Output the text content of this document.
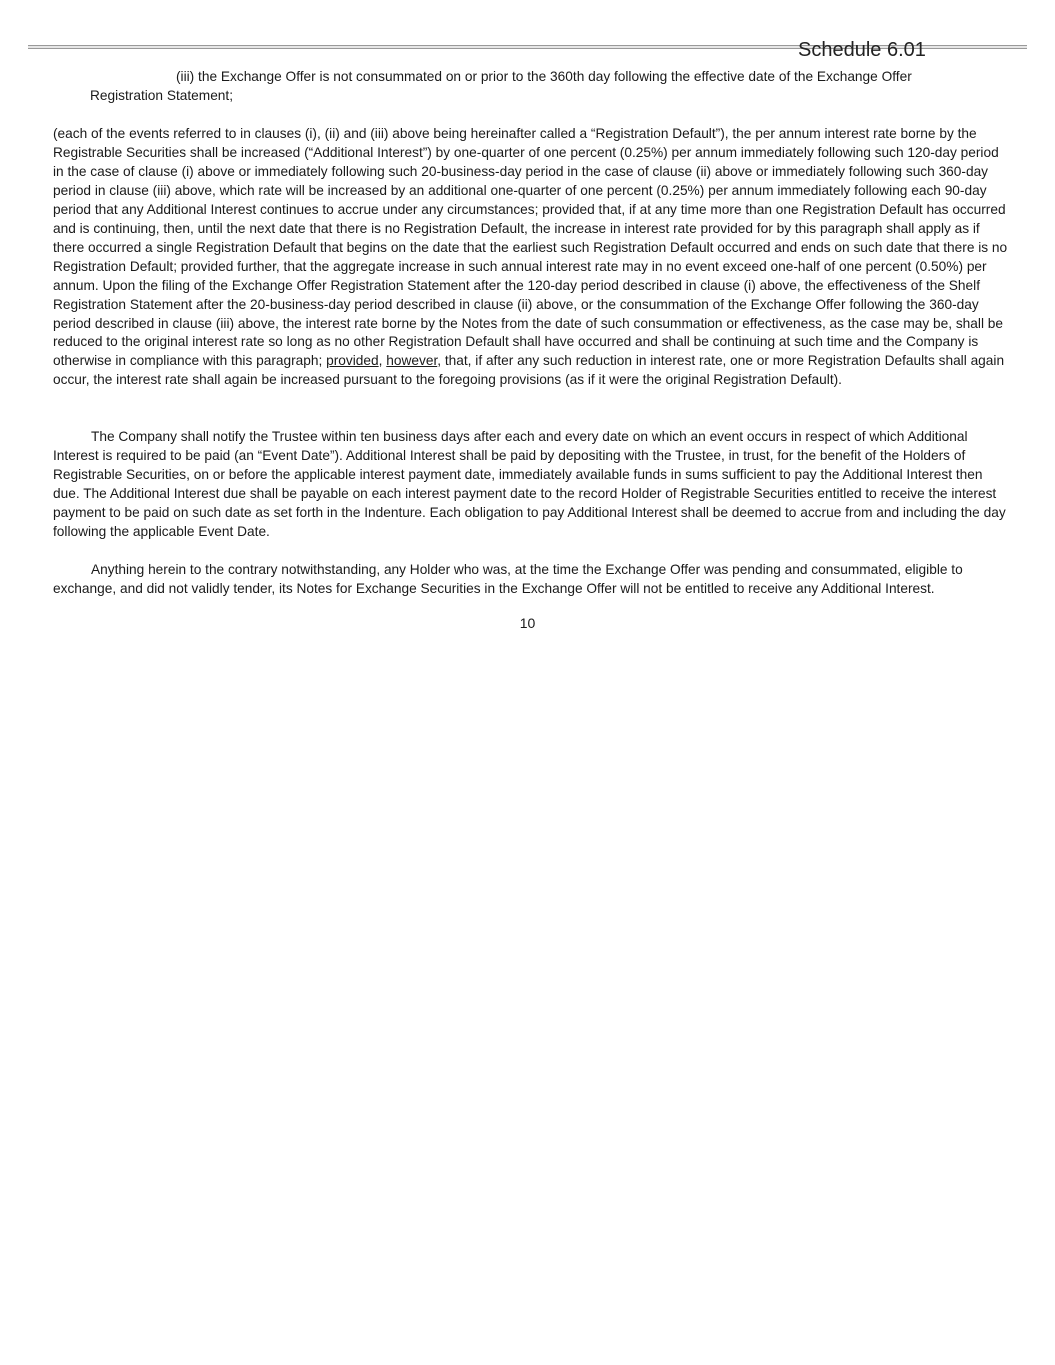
Schedule 6.01
(iii) the Exchange Offer is not consummated on or prior to the 360th day following the effective date of the Exchange Offer Registration Statement;
(each of the events referred to in clauses (i), (ii) and (iii) above being hereinafter called a “Registration Default”), the per annum interest rate borne by the Registrable Securities shall be increased (“Additional Interest”) by one-quarter of one percent (0.25%) per annum immediately following such 120-day period in the case of clause (i) above or immediately following such 20-business-day period in the case of clause (ii) above or immediately following such 360-day period in clause (iii) above, which rate will be increased by an additional one-quarter of one percent (0.25%) per annum immediately following each 90-day period that any Additional Interest continues to accrue under any circumstances; provided that, if at any time more than one Registration Default has occurred and is continuing, then, until the next date that there is no Registration Default, the increase in interest rate provided for by this paragraph shall apply as if there occurred a single Registration Default that begins on the date that the earliest such Registration Default occurred and ends on such date that there is no Registration Default; provided further, that the aggregate increase in such annual interest rate may in no event exceed one-half of one percent (0.50%) per annum. Upon the filing of the Exchange Offer Registration Statement after the 120-day period described in clause (i) above, the effectiveness of the Shelf Registration Statement after the 20-business-day period described in clause (ii) above, or the consummation of the Exchange Offer following the 360-day period described in clause (iii) above, the interest rate borne by the Notes from the date of such consummation or effectiveness, as the case may be, shall be reduced to the original interest rate so long as no other Registration Default shall have occurred and shall be continuing at such time and the Company is otherwise in compliance with this paragraph; provided, however, that, if after any such reduction in interest rate, one or more Registration Defaults shall again occur, the interest rate shall again be increased pursuant to the foregoing provisions (as if it were the original Registration Default).
The Company shall notify the Trustee within ten business days after each and every date on which an event occurs in respect of which Additional Interest is required to be paid (an “Event Date”). Additional Interest shall be paid by depositing with the Trustee, in trust, for the benefit of the Holders of Registrable Securities, on or before the applicable interest payment date, immediately available funds in sums sufficient to pay the Additional Interest then due. The Additional Interest due shall be payable on each interest payment date to the record Holder of Registrable Securities entitled to receive the interest payment to be paid on such date as set forth in the Indenture. Each obligation to pay Additional Interest shall be deemed to accrue from and including the day following the applicable Event Date.
Anything herein to the contrary notwithstanding, any Holder who was, at the time the Exchange Offer was pending and consummated, eligible to exchange, and did not validly tender, its Notes for Exchange Securities in the Exchange Offer will not be entitled to receive any Additional Interest.
10
